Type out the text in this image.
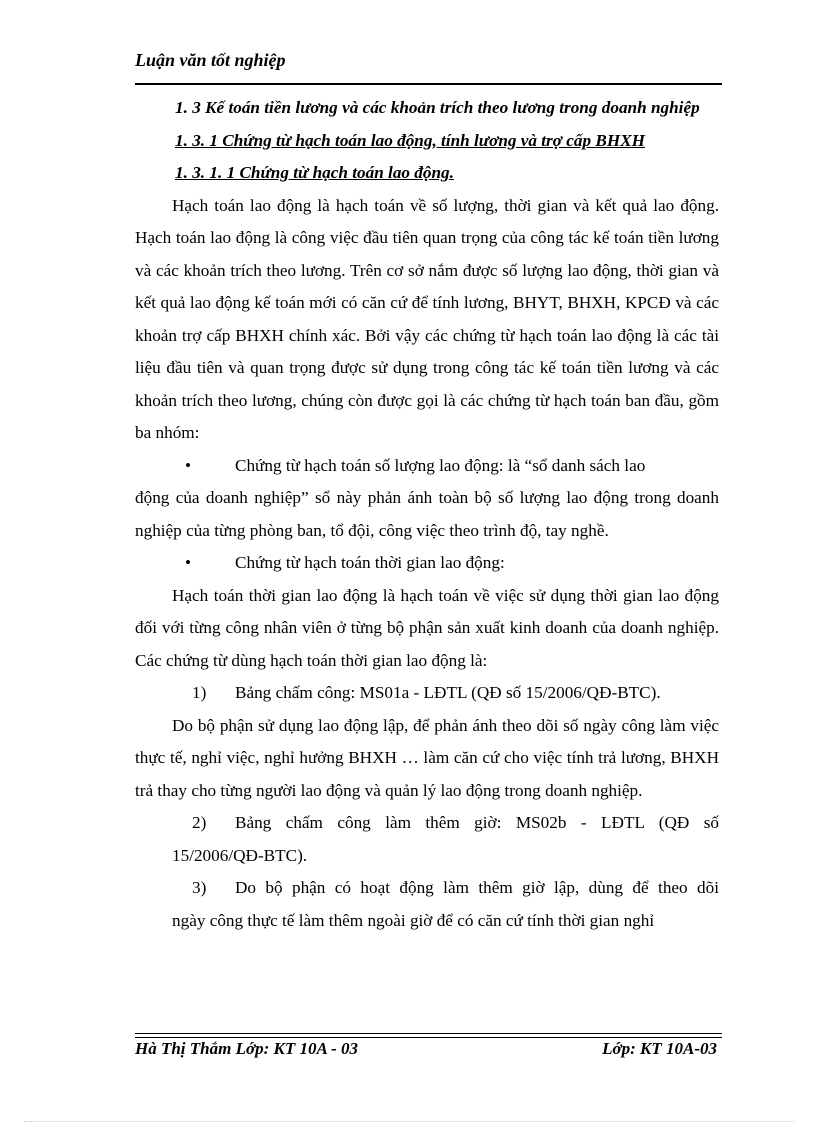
Luận văn tốt nghiệp

1. 3 Kế toán tiền lương và các khoản trích theo lương trong doanh nghiệp

1. 3. 1 Chứng từ hạch toán lao động, tính lương và trợ cấp BHXH

1. 3. 1. 1 Chứng từ hạch toán lao động.

Hạch toán lao động là hạch toán về số lượng, thời gian và kết quả lao động. Hạch toán lao động là công việc đầu tiên quan trọng của công tác kế toán tiền lương và các khoản trích theo lương. Trên cơ sở nắm được số lượng lao động, thời gian và kết quả lao động kế toán mới có căn cứ để tính lương, BHYT, BHXH, KPCĐ và các khoản trợ cấp BHXH chính xác. Bởi vậy các chứng từ hạch toán lao động là các tài liệu đầu tiên và quan trọng được sử dụng trong công tác kế toán tiền lương và các khoản trích theo lương, chúng còn được gọi là các chứng từ hạch toán ban đầu, gồm ba nhóm:

•	Chứng từ hạch toán số lượng lao động: là “sổ danh sách lao

động của doanh nghiệp” sổ này phản ánh toàn bộ số lượng lao động trong doanh nghiệp của từng phòng ban, tổ đội, công việc theo trình độ, tay nghề.

•	Chứng từ hạch toán thời gian lao động:

Hạch toán thời gian lao động là hạch toán về việc sử dụng thời gian lao động đối với từng công nhân viên ở từng bộ phận sản xuất kinh doanh của doanh nghiệp. Các chứng từ dùng hạch toán thời gian lao động là:

1)	Bảng chấm công: MS01a - LĐTL (QĐ số 15/2006/QĐ-BTC).

Do bộ phận sử dụng lao động lập, để phản ánh theo dõi số ngày công làm việc thực tế, nghỉ việc, nghỉ hưởng BHXH … làm căn cứ cho việc tính trả lương, BHXH trả thay cho từng người lao động và quản lý lao động trong doanh nghiệp.

2)	Bảng chấm công làm thêm giờ: MS02b - LĐTL (QĐ số

15/2006/QĐ-BTC).

3)	Do bộ phận có hoạt động làm thêm giờ lập, dùng để theo dõi

ngày công thực tế làm thêm ngoài giờ để có căn cứ tính thời gian nghỉ

Hà Thị Thắm Lớp: KT 10A - 03	Lớp: KT 10A-03
